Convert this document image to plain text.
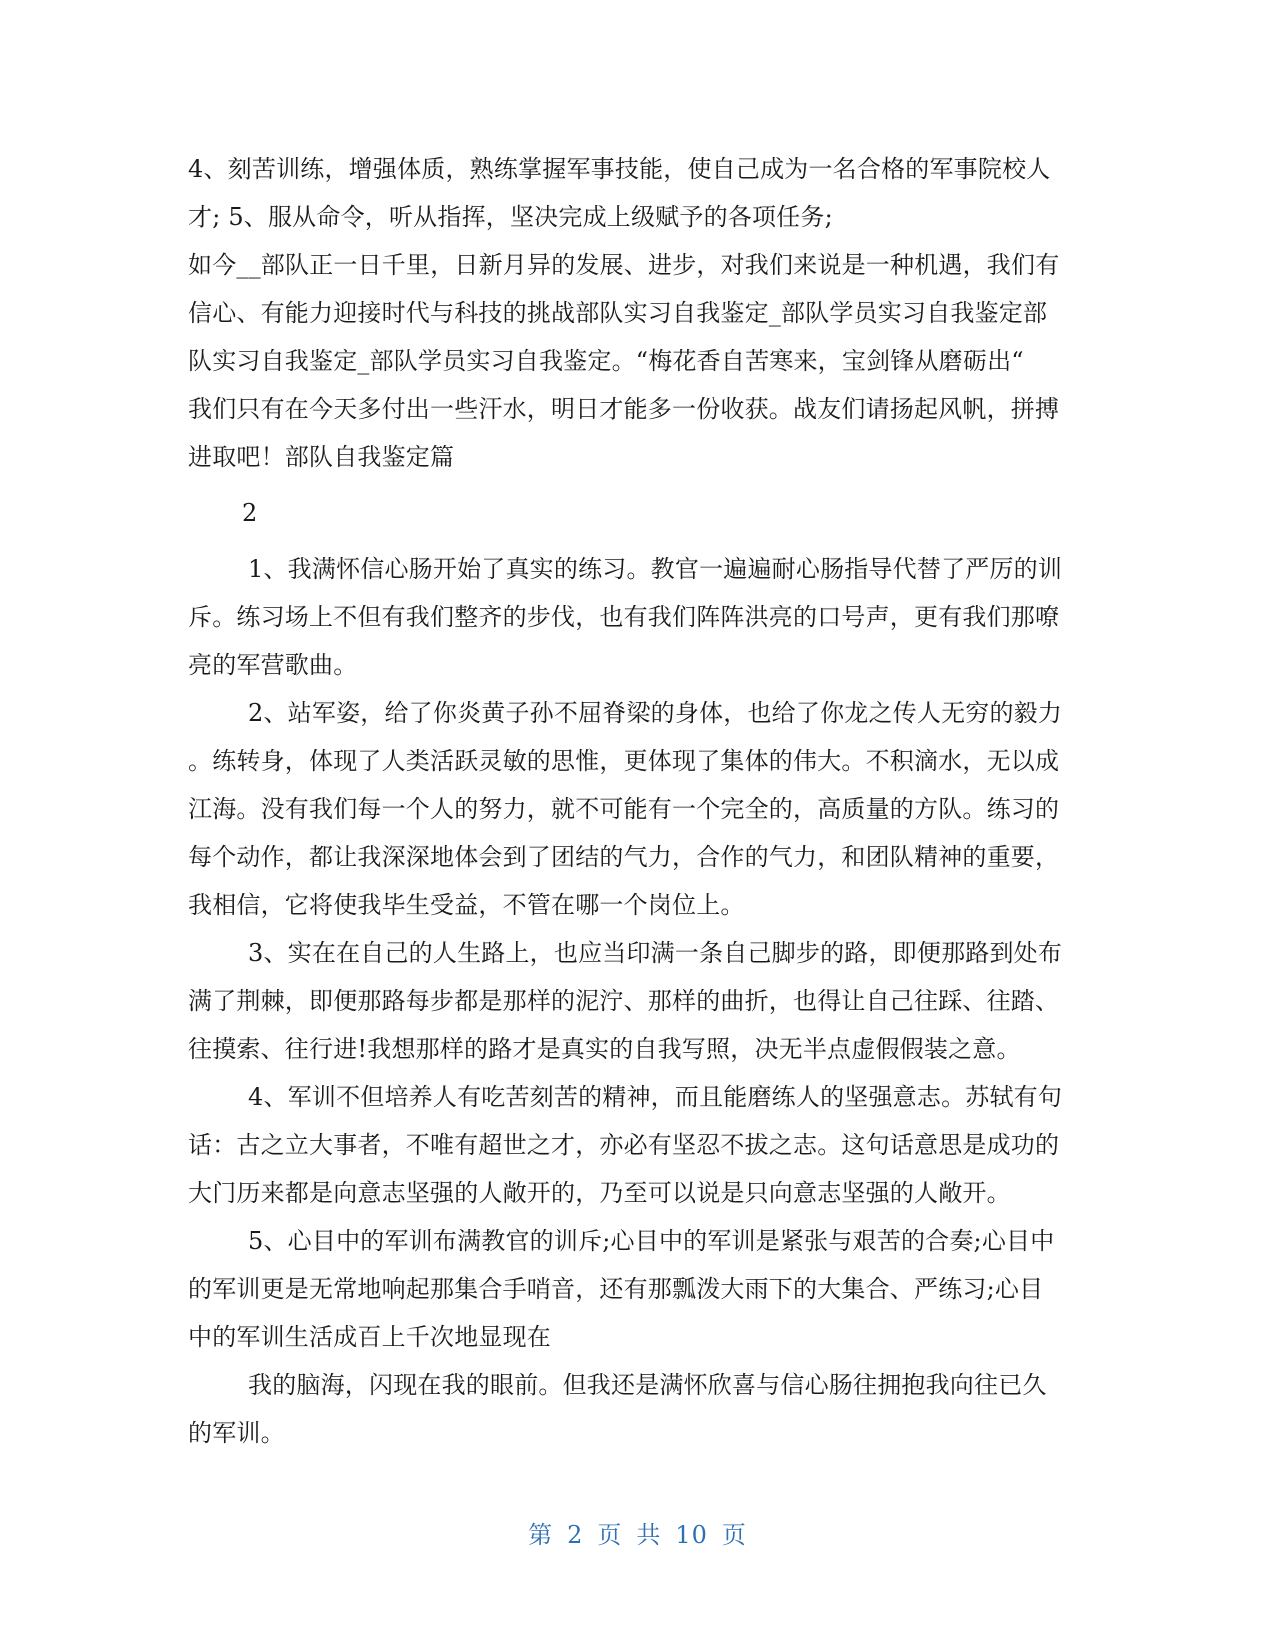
4、刻苦训练，增强体质，熟练掌握军事技能，使自己成为一名合格的军事院校人
才; 5、服从命令，听从指挥，坚决完成上级赋予的各项任务;
如今__部队正一日千里，日新月异的发展、进步，对我们来说是一种机遇，我们有
信心、有能力迎接时代与科技的挑战部队实习自我鉴定_部队学员实习自我鉴定部
队实习自我鉴定_部队学员实习自我鉴定。“梅花香自苦寒来，宝剑锋从磨砺出“
我们只有在今天多付出一些汗水，明日才能多一份收获。战友们请扬起风帆，拼搏
进取吧！部队自我鉴定篇
2
1、我满怀信心肠开始了真实的练习。教官一遍遍耐心肠指导代替了严厉的训
斥。练习场上不但有我们整齐的步伐，也有我们阵阵洪亮的口号声，更有我们那嘹
亮的军营歌曲。
2、站军姿，给了你炎黄子孙不屈脊梁的身体，也给了你龙之传人无穷的毅力
。练转身，体现了人类活跃灵敏的思惟，更体现了集体的伟大。不积滴水，无以成
江海。没有我们每一个人的努力，就不可能有一个完全的，高质量的方队。练习的
每个动作，都让我深深地体会到了团结的气力，合作的气力，和团队精神的重要，
我相信，它将使我毕生受益，不管在哪一个岗位上。
3、实在在自己的人生路上，也应当印满一条自己脚步的路，即便那路到处布
满了荆棘，即便那路每步都是那样的泥泞、那样的曲折，也得让自己往踩、往踏、
往摸索、往行进!我想那样的路才是真实的自我写照，决无半点虚假假装之意。
4、军训不但培养人有吃苦刻苦的精神，而且能磨练人的坚强意志。苏轼有句
话：古之立大事者，不唯有超世之才，亦必有坚忍不拔之志。这句话意思是成功的
大门历来都是向意志坚强的人敞开的，乃至可以说是只向意志坚强的人敞开。
5、心目中的军训布满教官的训斥;心目中的军训是紧张与艰苦的合奏;心目中
的军训更是无常地响起那集合手哨音，还有那瓢泼大雨下的大集合、严练习;心目
中的军训生活成百上千次地显现在
我的脑海，闪现在我的眼前。但我还是满怀欣喜与信心肠往拥抱我向往已久
的军训。
第 2 页 共 10 页
